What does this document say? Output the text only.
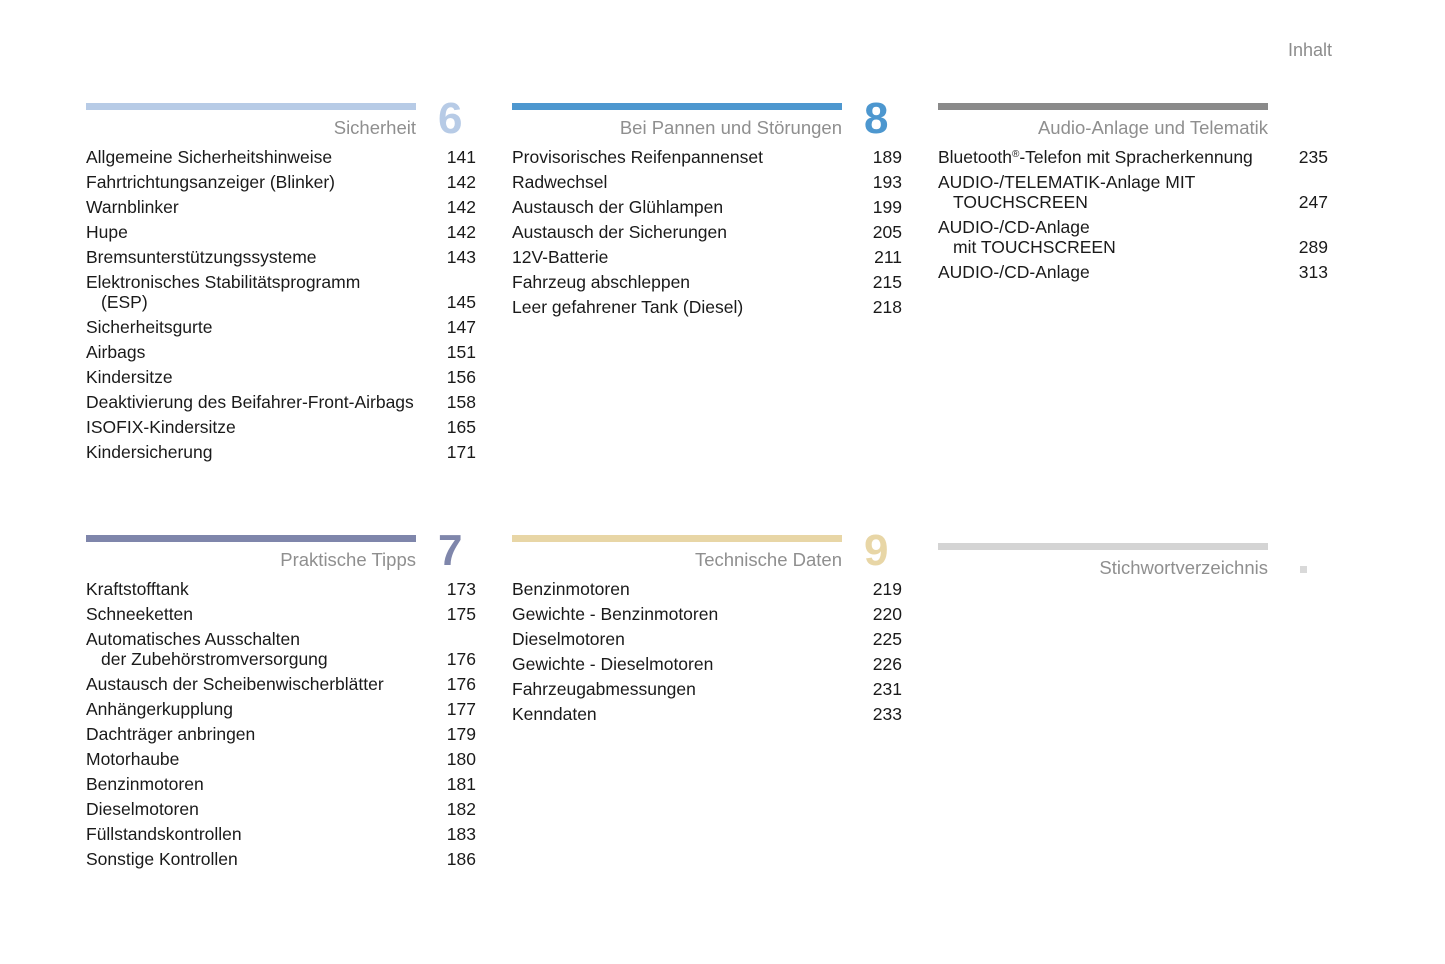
Inhalt
Sicherheit 6
Allgemeine Sicherheitshinweise	141
Fahrtrichtungsanzeiger (Blinker)	142
Warnblinker	142
Hupe	142
Bremsunterstützungssysteme	143
Elektronisches Stabilitätsprogramm
(ESP)	145
Sicherheitsgurte	147
Airbags	151
Kindersitze	156
Deaktivierung des Beifahrer-Front-Airbags	158
ISOFIX-Kindersitze	165
Kindersicherung	171
Bei Pannen und Störungen 8
Provisorisches Reifenpannenset	189
Radwechsel	193
Austausch der Glühlampen	199
Austausch der Sicherungen	205
12V-Batterie	211
Fahrzeug abschleppen	215
Leer gefahrener Tank (Diesel)	218
Audio-Anlage und Telematik
Bluetooth®-Telefon mit Spracherkennung	235
AUDIO-/TELEMATIK-Anlage MIT
TOUCHSCREEN	247
AUDIO-/CD-Anlage
mit TOUCHSCREEN	289
AUDIO-/CD-Anlage	313
Praktische Tipps 7
Kraftstofftank	173
Schneeketten	175
Automatisches Ausschalten
der Zubehörstromversorgung	176
Austausch der Scheibenwischerblätter	176
Anhängerkupplung	177
Dachträger anbringen	179
Motorhaube	180
Benzinmotoren	181
Dieselmotoren	182
Füllstandskontrollen	183
Sonstige Kontrollen	186
Technische Daten 9
Benzinmotoren	219
Gewichte - Benzinmotoren	220
Dieselmotoren	225
Gewichte - Dieselmotoren	226
Fahrzeugabmessungen	231
Kenndaten	233
Stichwortverzeichnis
